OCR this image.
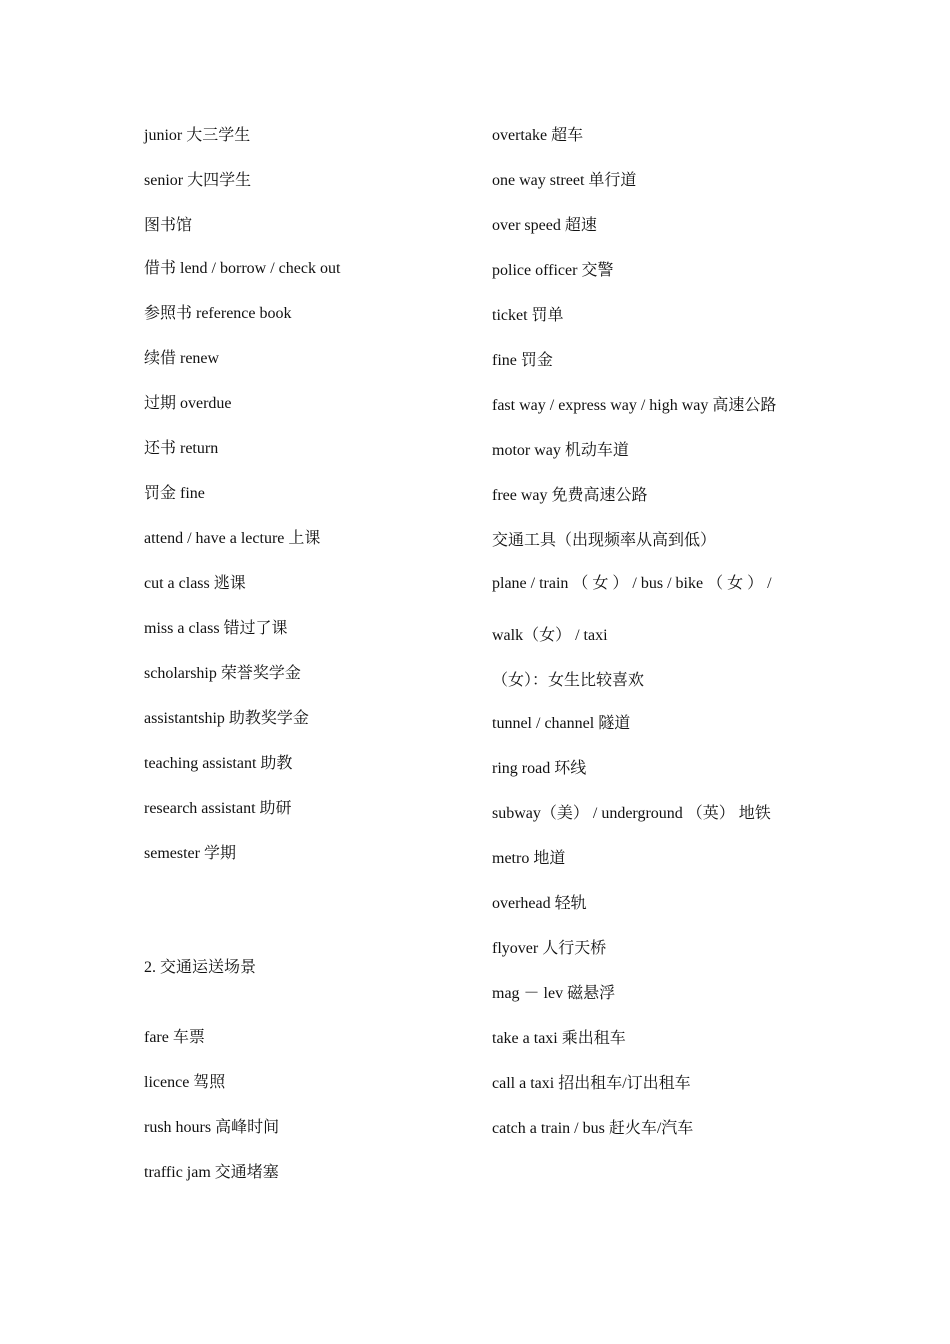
junior 大三学生
senior 大四学生
图书馆
借书 lend / borrow / check out
参照书 reference book
续借 renew
过期 overdue
还书 return
罚金 fine
attend / have a lecture 上课
cut a class 逃课
miss a class 错过了课
scholarship 荣誉奖学金
assistantship 助教奖学金
teaching assistant 助教
research assistant 助研
semester 学期
2. 交通运送场景
fare 车票
licence 驾照
rush hours 高峰时间
traffic jam 交通堵塞
overtake 超车
one way street 单行道
over speed 超速
police officer 交警
ticket 罚单
fine 罚金
fast way / express way / high way 高速公路
motor way 机动车道
free way 免费高速公路
交通工具（出现频率从高到低）
plane / train （ 女 ） / bus / bike （ 女 ） /
walk（女） / taxi
（女）：女生比较喜欢
tunnel / channel 隧道
ring road 环线
subway（美） / underground （英） 地铁
metro 地道
overhead 轻轨
flyover 人行天桥
mag － lev 磁悬浮
take a taxi 乘出租车
call a taxi 招出租车/订出租车
catch a train / bus 赶火车/汽车
